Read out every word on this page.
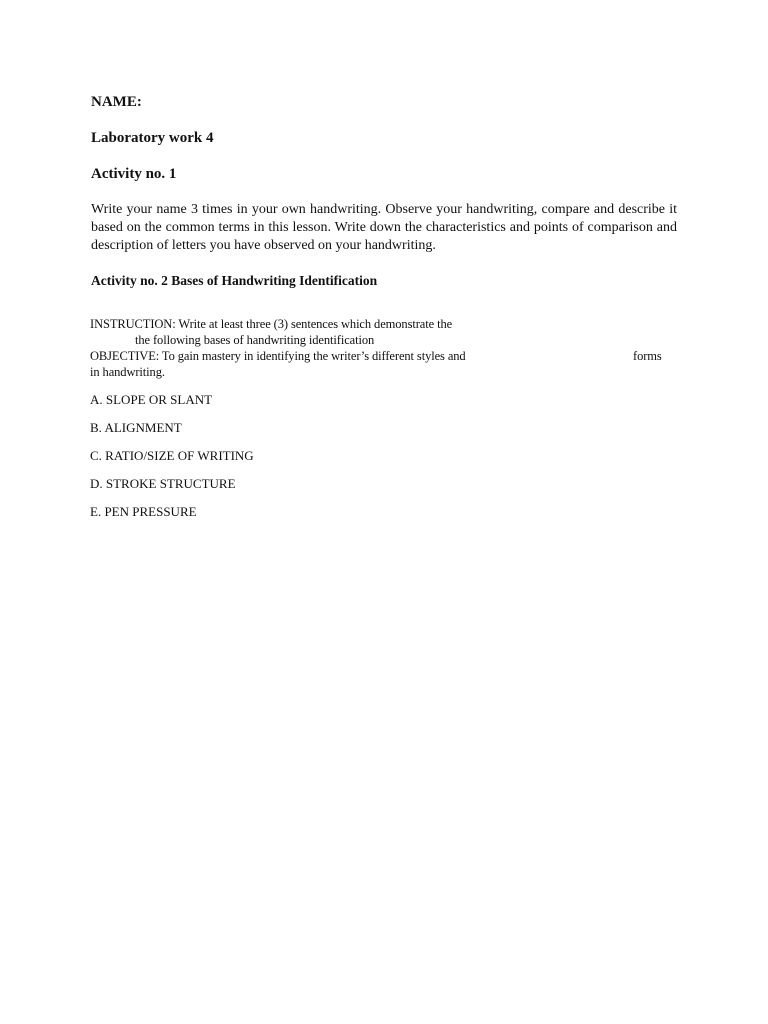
NAME:

Laboratory work 4

Activity no. 1

Write your name 3 times in your own handwriting. Observe your handwriting, compare and describe it based on the common terms in this lesson. Write down the characteristics and points of comparison and description of letters you have observed on your handwriting.

Activity no. 2 Bases of Handwriting Identification

INSTRUCTION: Write at least three (3) sentences which demonstrate the

the following bases of handwriting identification

OBJECTIVE: To gain mastery in identifying the writer’s different styles and	forms

in handwriting.

A. SLOPE OR SLANT

B. ALIGNMENT

C. RATIO/SIZE OF WRITING

D. STROKE STRUCTURE

E. PEN PRESSURE
